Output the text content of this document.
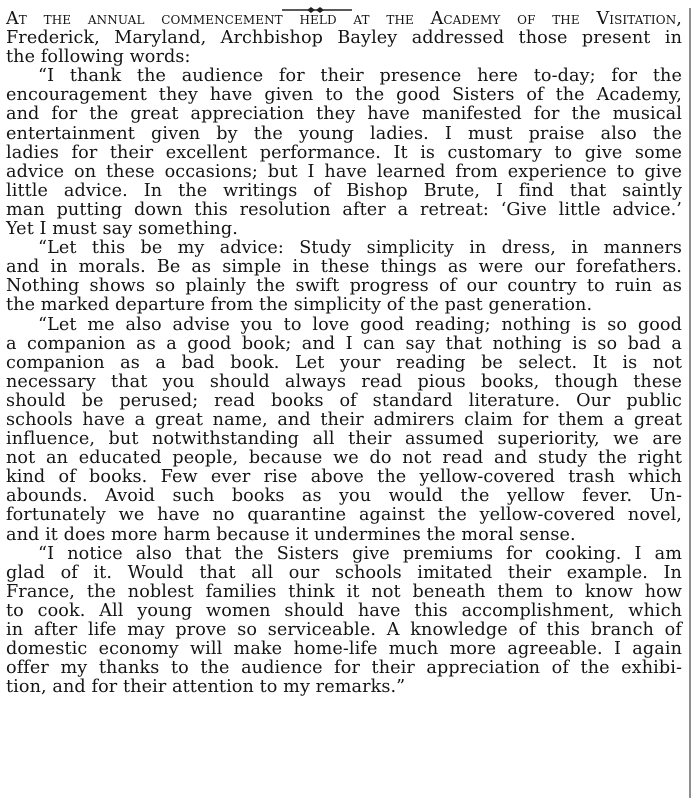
At the annual commencement held at the Academy of the Visitation,
Frederick, Maryland, Archbishop Bayley addressed those present in
the following words:
“I thank the audience for their presence here to-day; for the
encouragement they have given to the good Sisters of the Academy,
and for the great appreciation they have manifested for the musical
entertainment given by the young ladies. I must praise also the
ladies for their excellent performance. It is customary to give some
advice on these occasions; but I have learned from experience to give
little advice. In the writings of Bishop Brute, I find that saintly
man putting down this resolution after a retreat: ‘Give little advice.’
Yet I must say something.
“Let this be my advice: Study simplicity in dress, in manners
and in morals. Be as simple in these things as were our forefathers.
Nothing shows so plainly the swift progress of our country to ruin as
the marked departure from the simplicity of the past generation.
“Let me also advise you to love good reading; nothing is so good
a companion as a good book; and I can say that nothing is so bad a
companion as a bad book. Let your reading be select. It is not
necessary that you should always read pious books, though these
should be perused; read books of standard literature. Our public
schools have a great name, and their admirers claim for them a great
influence, but notwithstanding all their assumed superiority, we are
not an educated people, because we do not read and study the right
kind of books. Few ever rise above the yellow-covered trash which
abounds. Avoid such books as you would the yellow fever. Un-
fortunately we have no quarantine against the yellow-covered novel,
and it does more harm because it undermines the moral sense.
“I notice also that the Sisters give premiums for cooking. I am
glad of it. Would that all our schools imitated their example. In
France, the noblest families think it not beneath them to know how
to cook. All young women should have this accomplishment, which
in after life may prove so serviceable. A knowledge of this branch of
domestic economy will make home-life much more agreeable. I again
offer my thanks to the audience for their appreciation of the exhibi-
tion, and for their attention to my remarks.”
